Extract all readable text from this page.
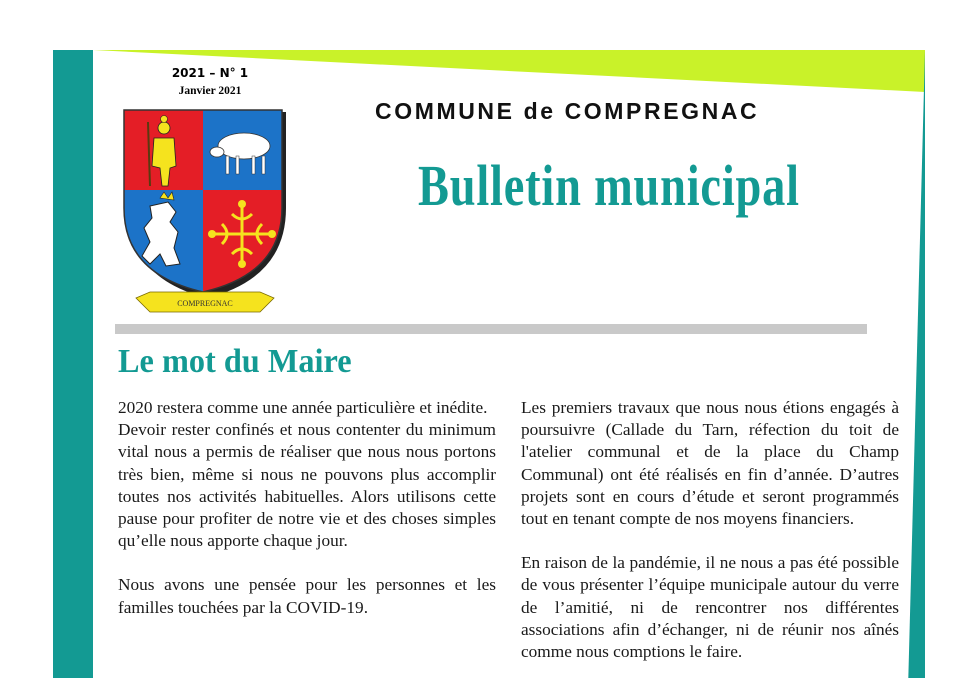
2021 – N° 1
Janvier 2021
COMPREGNAC
COMMUNE de COMPREGNAC
Bulletin municipal
Le mot du Maire

2020 restera comme une année particulière et inédite.

Devoir rester confinés et nous contenter du minimum vital nous a permis de réaliser que nous nous portons très bien, même si nous ne pouvons plus accomplir toutes nos activités habituelles. Alors utilisons cette pause pour profiter de notre vie et des choses simples qu’elle nous apporte chaque jour.

Nous avons une pensée pour les personnes et les familles touchées par la COVID-19.

Les premiers travaux que nous nous étions engagés à poursuivre (Callade du Tarn, réfection du toit de l'atelier communal et de la place du Champ Communal) ont été réalisés en fin d’année. D’autres projets sont en cours d’étude et seront programmés tout en tenant compte de nos moyens financiers.

En raison de la pandémie, il ne nous a pas été possible de vous présenter l’équipe municipale autour du verre de l’amitié, ni de rencontrer nos différentes associations afin d’échanger, ni de réunir nos aînés comme nous comptions le faire.
